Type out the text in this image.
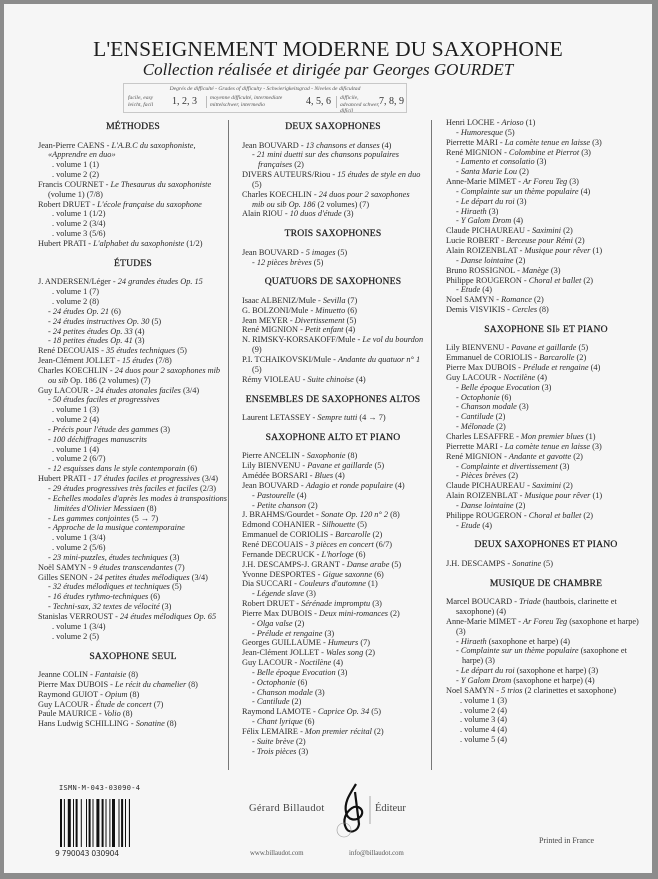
L'ENSEIGNEMENT MODERNE DU SAXOPHONE
Collection réalisée et dirigée par Georges GOURDET
Degrés de difficulté - Grades of difficulty - Schwierigkeitsgrad - Niveles de dificultad
facile, easy leicht, facil	1, 2, 3 moyenne difficulté, intermediate mittelschwer, intermedio	4, 5, 6 difficile, advanced schwer, difícil
7, 8, 9
MÉTHODES
Jean-Pierre CAENS - L'A.B.C du saxophoniste, «Apprendre en duo»
. volume 1 (1)
. volume 2 (2)
Francis COURNET - Le Thesaurus du saxophoniste (volume 1) (7/8)
Robert DRUET - L'école française du saxophone
. volume 1 (1/2)
. volume 2 (3/4)
. volume 3 (5/6)
Hubert PRATI - L'alphabet du saxophoniste (1/2)
ÉTUDES
J. ANDERSEN/Léger - 24 grandes études Op. 15
. volume 1 (7)
. volume 2 (8)
- 24 études Op. 21 (6)
- 24 études instructives Op. 30 (5)
- 24 petites études Op. 33 (4)
- 18 petites études Op. 41 (3)
René DECOUAIS - 35 études techniques (5)
Jean-Clément JOLLET - 15 études (7/8)
Charles KOECHLIN - 24 duos pour 2 saxophones mib ou sib Op. 186 (2 volumes) (7)
Guy LACOUR - 24 études atonales faciles (3/4)
- 50 études faciles et progressives
. volume 1 (3)
. volume 2 (4)
- Précis pour l'étude des gammes (3)
- 100 déchiffrages manuscrits
. volume 1 (4)
. volume 2 (6/7)
- 12 esquisses dans le style contemporain (6)
Hubert PRATI - 17 études faciles et progressives (3/4)
- 29 études progressives très faciles et faciles (2/3)
- Echelles modales d'après les modes à transpositions limitées d'Olivier Messiaen (8)
- Les gammes conjointes (5 → 7)
- Approche de la musique contemporaine
. volume 1 (3/4)
. volume 2 (5/6)
- 23 mini-puzzles, études techniques (3)
Noël SAMYN - 9 études transcendantes (7)
Gilles SENON - 24 petites études mélodiques (3/4)
- 32 études mélodiques et techniques (5)
- 16 études rythmo-techniques (6)
- Techni-sax, 32 textes de vélocité (3)
Stanislas VERROUST - 24 études mélodiques Op. 65
. volume 1 (3/4)
. volume 2 (5)
SAXOPHONE SEUL
Jeanne COLIN - Fantaisie (8)
Pierre Max DUBOIS - Le récit du chamelier (8)
Raymond GUIOT - Opium (8)
Guy LACOUR - Étude de concert (7)
Paule MAURICE - Volio (8)
Hans Ludwig SCHILLING - Sonatine (8)
DEUX SAXOPHONES
Jean BOUVARD - 13 chansons et danses (4)
- 21 mini duetti sur des chansons populaires françaises (2)
DIVERS AUTEURS/Riou - 15 études de style en duo (5)
Charles KOECHLIN - 24 duos pour 2 saxophones mib ou sib Op. 186 (2 volumes) (7)
Alain RIOU - 10 duos d'étude (3)
TROIS SAXOPHONES
Jean BOUVARD - 5 images (5)
- 12 pièces brèves (5)
QUATUORS DE SAXOPHONES
Isaac ALBENIZ/Mule - Sevilla (7)
G. BOLZONI/Mule - Minuetto (6)
Jean MEYER - Divertissement (5)
René MIGNION - Petit enfant (4)
N. RIMSKY-KORSAKOFF/Mule - Le vol du bourdon (9)
P.I. TCHAIKOVSKI/Mule - Andante du quatuor n° 1 (5)
Rémy VIOLEAU - Suite chinoise (4)
ENSEMBLES DE SAXOPHONES ALTOS
Laurent LETASSEY - Sempre tutti (4 → 7)
SAXOPHONE ALTO ET PIANO
Pierre ANCELIN - Saxophonie (8)
Lily BIENVENU - Pavane et gaillarde (5)
Amédée BORSARI - Blues (4)
Jean BOUVARD - Adagio et ronde populaire (4)
- Pastourelle (4)
- Petite chanson (2)
J. BRAHMS/Gourdet - Sonate Op. 120 n° 2 (8)
Edmond COHANIER - Silhouette (5)
Emmanuel de CORIOLIS - Barcarolle (2)
René DECOUAIS - 3 pièces en concert (6/7)
Fernande DECRUCK - L'horloge (6)
J.H. DESCAMPS-J. GRANT - Danse arabe (5)
Yvonne DESPORTES - Gigue saxonne (6)
Dia SUCCARI - Couleurs d'automne (1)
- Légende slave (3)
Robert DRUET - Sérénade impromptu (3)
Pierre Max DUBOIS - Deux mini-romances (2)
- Olga valse (2)
- Prélude et rengaine (3)
Georges GUILLAUME - Humeurs (7)
Jean-Clément JOLLET - Wales song (2)
Guy LACOUR - Noctilène (4)
- Belle époque Evocation (3)
- Octophonie (6)
- Chanson modale (3)
- Cantilude (2)
Raymond LAMOTE - Caprice Op. 34 (5)
- Chant lyrique (6)
Félix LEMAIRE - Mon premier récital (2)
- Suite brève (2)
- Trois pièces (3)
Henri LOCHE - Arioso (1)
- Humoresque (5)
Pierrette MARI - La comète tenue en laisse (3)
René MIGNION - Colombine et Pierrot (3)
- Lamento et consolatio (3)
- Santa Marie Lou (2)
Anne-Marie MIMET - Ar Foreu Teg (3)
- Complainte sur un thème populaire (4)
- Le départ du roi (3)
- Hiraeth (3)
- Y Galom Drom (4)
Claude PICHAUREAU - Saximini (2)
Lucie ROBERT - Berceuse pour Rémi (2)
Alain ROIZENBLAT - Musique pour rêver (1)
- Danse lointaine (2)
Bruno ROSSIGNOL - Manège (3)
Philippe ROUGERON - Choral et ballet (2)
- Etude (4)
Noel SAMYN - Romance (2)
Demis VISVIKIS - Cercles (8)
SAXOPHONE SI♭ ET PIANO
Lily BIENVENU - Pavane et gaillarde (5)
Emmanuel de CORIOLIS - Barcarolle (2)
Pierre Max DUBOIS - Prélude et rengaine (4)
Guy LACOUR - Noctilène (4)
- Belle époque Evocation (3)
- Octophonie (6)
- Chanson modale (3)
- Cantilude (2)
- Mélonade (2)
Charles LESAFFRE - Mon premier blues (1)
Pierrette MARI - La comète tenue en laisse (3)
René MIGNION - Andante et gavotte (2)
- Complainte et divertissement (3)
- Pièces brèves (2)
Claude PICHAUREAU - Saximini (2)
Alain ROIZENBLAT - Musique pour rêver (1)
- Danse lointaine (2)
Philippe ROUGERON - Choral et ballet (2)
- Etude (4)
DEUX SAXOPHONES ET PIANO
J.H. DESCAMPS - Sonatine (5)
MUSIQUE DE CHAMBRE
Marcel BOUCARD - Triade (hautbois, clarinette et saxophone) (4)
Anne-Marie MIMET - Ar Foreu Teg (saxophone et harpe) (3)
- Hiraeth (saxophone et harpe) (4)
- Complainte sur un thème populaire (saxophone et harpe) (3)
- Le départ du roi (saxophone et harpe) (3)
- Y Galom Drom (saxophone et harpe) (4)
Noel SAMYN - 5 trios (2 clarinettes et saxophone)
. volume 1 (3)
. volume 2 (4)
. volume 3 (4)
. volume 4 (4)
. volume 5 (4)
ISMN-M-043-03090-4
9 790043 030904
Gérard Billaudot	Éditeur
www.billaudot.com	info@billaudot.com
Printed in France
